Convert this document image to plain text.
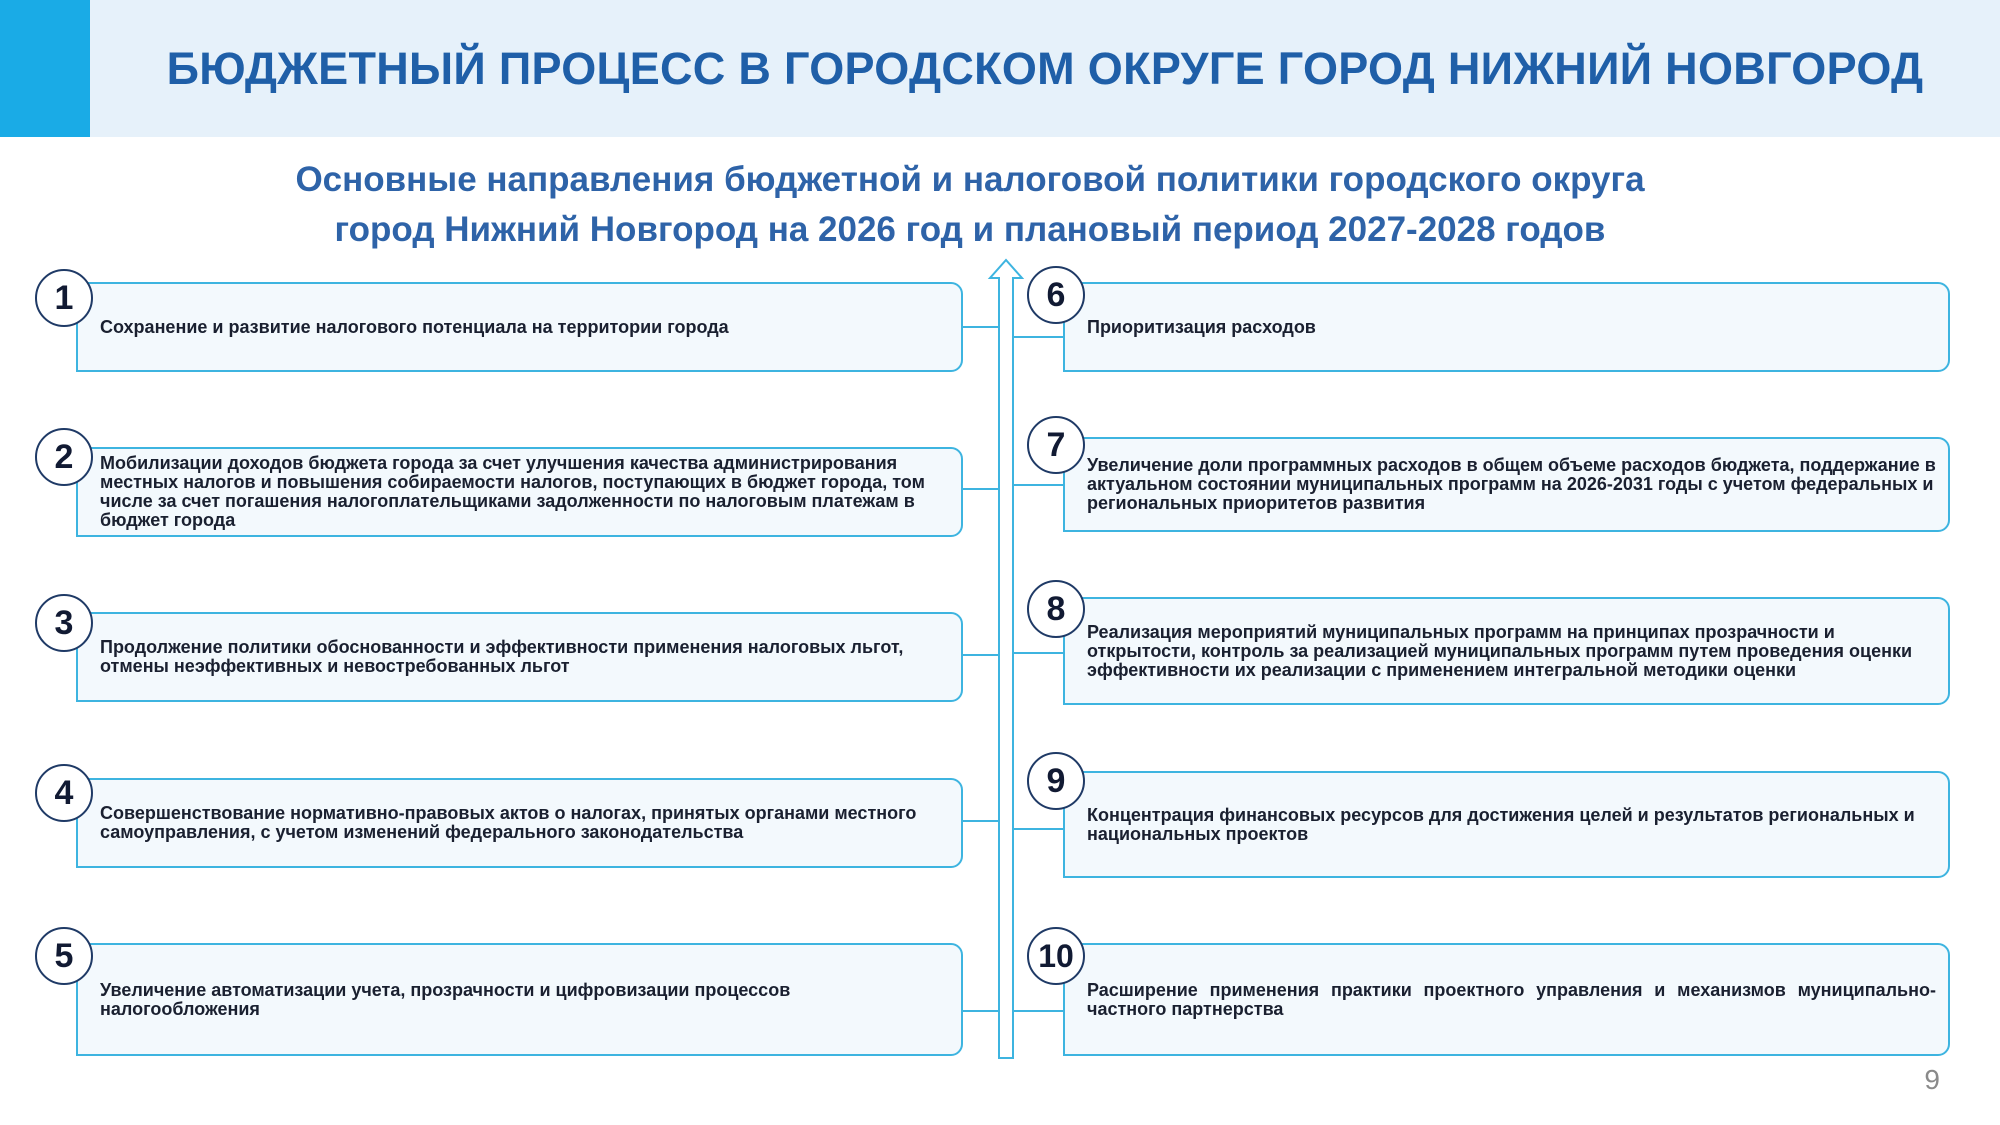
БЮДЖЕТНЫЙ ПРОЦЕСС В ГОРОДСКОМ ОКРУГЕ ГОРОД НИЖНИЙ НОВГОРОД
Основные направления бюджетной и налоговой политики городского округа
город Нижний Новгород на 2026 год и плановый период 2027-2028 годов
Сохранение и развитие налогового потенциала на территории города
Мобилизации доходов бюджета города за счет улучшения качества администрирования местных налогов и повышения собираемости налогов, поступающих в бюджет города, том числе за счет погашения налогоплательщиками задолженности по налоговым платежам в бюджет города
Продолжение политики обоснованности и эффективности применения налоговых льгот, отмены неэффективных и невостребованных льгот
Совершенствование нормативно-правовых актов о налогах, принятых органами местного самоуправления, с учетом изменений федерального законодательства
Увеличение автоматизации учета, прозрачности и цифровизации процессов налогообложения
Приоритизация расходов
Увеличение доли программных расходов в общем объеме расходов бюджета, поддержание в актуальном состоянии муниципальных программ на 2026-2031 годы с учетом федеральных и региональных приоритетов развития
Реализация мероприятий муниципальных программ на принципах прозрачности и открытости, контроль за реализацией муниципальных программ путем проведения оценки эффективности их реализации с применением интегральной методики оценки
Концентрация финансовых ресурсов для достижения целей и результатов региональных и национальных проектов
Расширение применения практики проектного управления и механизмов муниципально-частного партнерства
1
2
3
4
5
6
7
8
9
10
9
